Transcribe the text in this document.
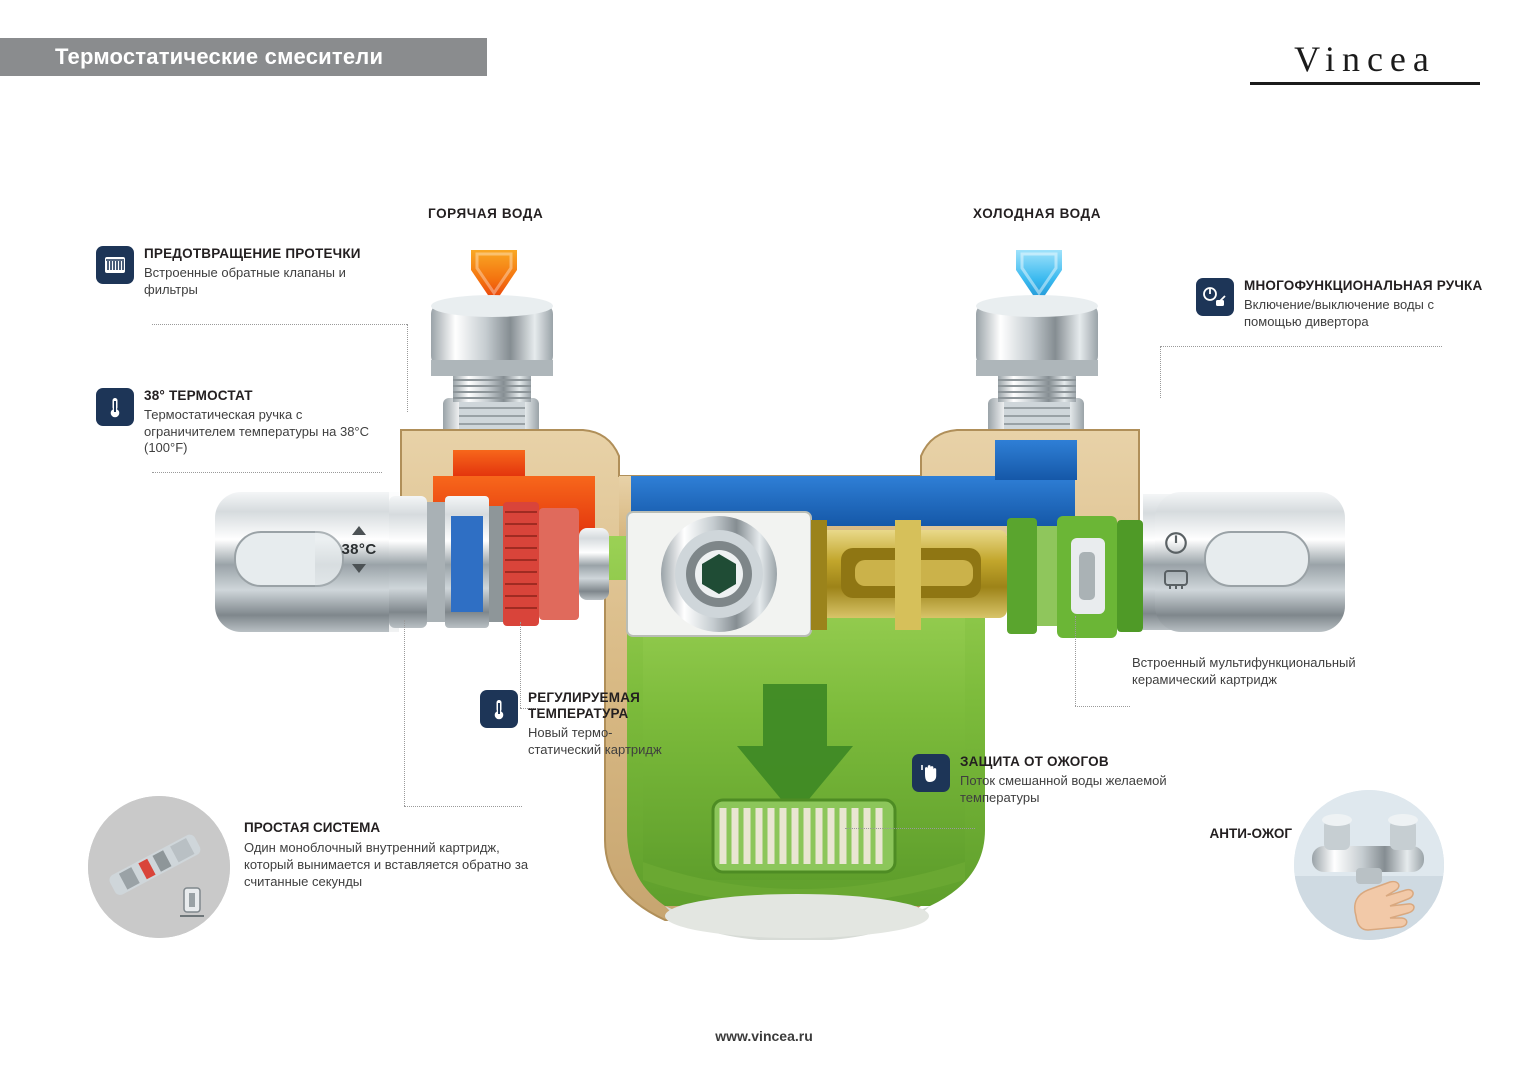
Термостатические смесители	Vincea
ГОРЯЧАЯ ВОДА	ХОЛОДНАЯ ВОДА
38°C

ПРЕДОТВРАЩЕНИЕ ПРОТЕЧКИ
Встроенные обратные клапаны и фильтры
38° ТЕРМОСТАТ
Термостатическая ручка с ограничителем температуры на 38°C (100°F)
МНОГОФУНКЦИОНАЛЬНАЯ РУЧКА
Включение/выключение воды с помощью дивертора
РЕГУЛИРУЕМАЯ ТЕМПЕРАТУРА
Новый термо- статический картридж
ЗАЩИТА ОТ ОЖОГОВ
Поток смешанной воды желаемой температуры
Встроенный мультифункциональный керамический картридж
ПРОСТАЯ СИСТЕМА
Один моноблочный внутренний картридж, который вынимается и вставляется обратно за считанные секунды
АНТИ-ОЖОГ
www.vincea.ru
